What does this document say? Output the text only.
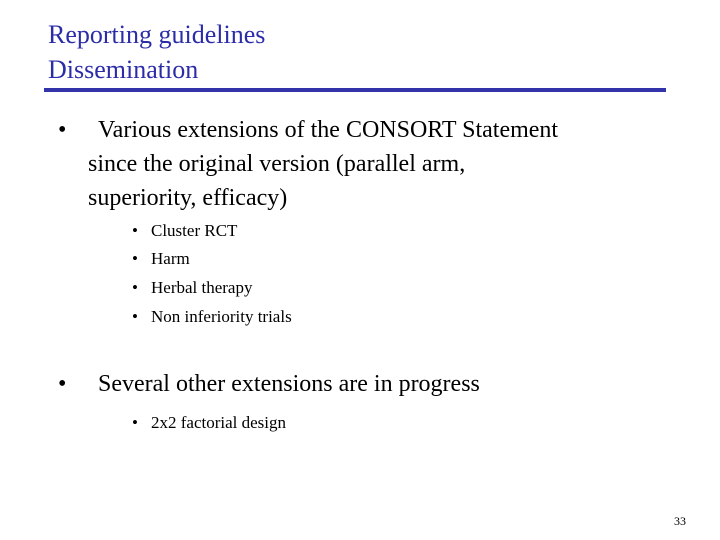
Reporting guidelines
Dissemination
• Various extensions of the CONSORT Statement
since the original version (parallel arm,
superiority, efficacy)
• Cluster RCT
• Harm
• Herbal therapy
• Non inferiority trials
• Several other extensions are in progress
• 2x2 factorial design
33
